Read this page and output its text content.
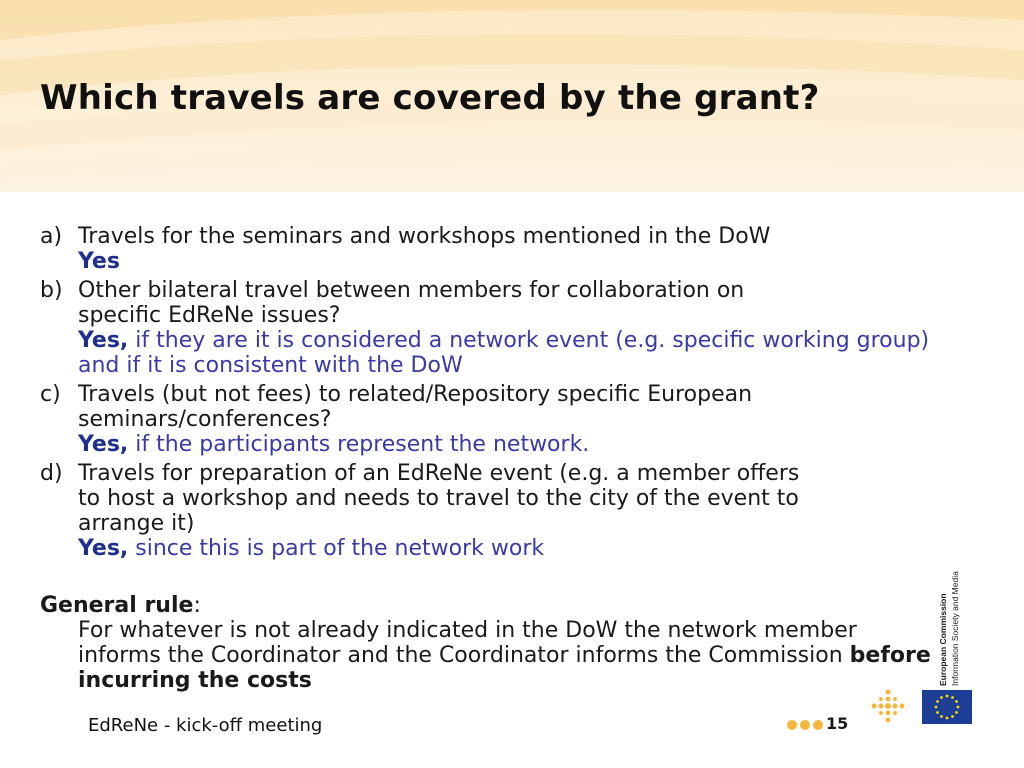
Which travels are covered by the grant?
a) Travels for the seminars and workshops mentioned in the DoW
Yes
b) Other bilateral travel between members for collaboration on
specific EdReNe issues?
Yes, if they are it is considered a network event (e.g. specific working group) and if it is consistent with the DoW
c) Travels (but not fees) to related/Repository specific European
seminars/conferences?
Yes, if the participants represent the network.
d) Travels for preparation of an EdReNe event (e.g. a member offers
to host a workshop and needs to travel to the city of the event to
arrange it)
Yes, since this is part of the network work
General rule:
For whatever is not already indicated in the DoW the network member informs the Coordinator and the Coordinator informs the Commission before incurring the costs
EdReNe - kick-off meeting	15
European Commission Information Society and Media
